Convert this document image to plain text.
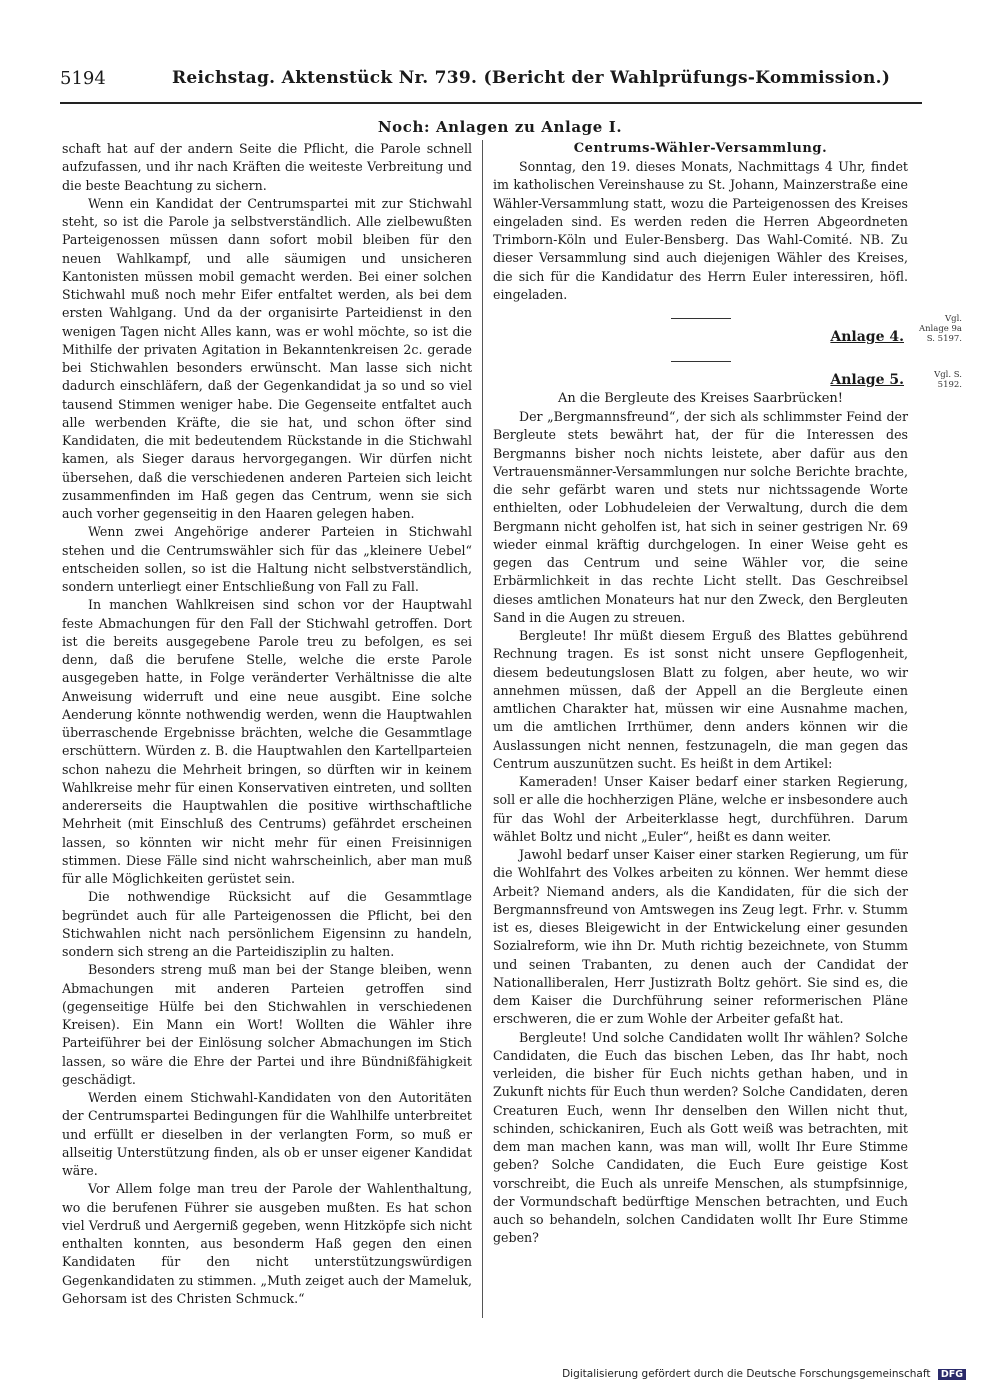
5194	Reichstag. Aktenstück Nr. 739. (Bericht der Wahlprüfungs-Kommission.)
Noch: Anlagen zu Anlage I.

schaft hat auf der andern Seite die Pflicht, die Parole schnell aufzufassen, und ihr nach Kräften die weiteste Verbreitung und die beste Beachtung zu sichern.

Wenn ein Kandidat der Centrumspartei mit zur Stichwahl steht, so ist die Parole ja selbstverständlich. Alle zielbewußten Parteigenossen müssen dann sofort mobil bleiben für den neuen Wahlkampf, und alle säumigen und unsicheren Kantonisten müssen mobil gemacht werden. Bei einer solchen Stichwahl muß noch mehr Eifer entfaltet werden, als bei dem ersten Wahlgang. Und da der organisirte Parteidienst in den wenigen Tagen nicht Alles kann, was er wohl möchte, so ist die Mithilfe der privaten Agitation in Bekanntenkreisen 2c. gerade bei Stichwahlen besonders erwünscht. Man lasse sich nicht dadurch einschläfern, daß der Gegenkandidat ja so und so viel tausend Stimmen weniger habe. Die Gegenseite entfaltet auch alle werbenden Kräfte, die sie hat, und schon öfter sind Kandidaten, die mit bedeutendem Rückstande in die Stichwahl kamen, als Sieger daraus hervorgegangen. Wir dürfen nicht übersehen, daß die verschiedenen anderen Parteien sich leicht zusammenfinden im Haß gegen das Centrum, wenn sie sich auch vorher gegenseitig in den Haaren gelegen haben.

Wenn zwei Angehörige anderer Parteien in Stichwahl stehen und die Centrumswähler sich für das „kleinere Uebel“ entscheiden sollen, so ist die Haltung nicht selbstverständlich, sondern unterliegt einer Entschließung von Fall zu Fall.

In manchen Wahlkreisen sind schon vor der Hauptwahl feste Abmachungen für den Fall der Stichwahl getroffen. Dort ist die bereits ausgegebene Parole treu zu befolgen, es sei denn, daß die berufene Stelle, welche die erste Parole ausgegeben hatte, in Folge veränderter Verhältnisse die alte Anweisung widerruft und eine neue ausgibt. Eine solche Aenderung könnte nothwendig werden, wenn die Hauptwahlen überraschende Ergebnisse brächten, welche die Gesammtlage erschüttern. Würden z. B. die Hauptwahlen den Kartellparteien schon nahezu die Mehrheit bringen, so dürften wir in keinem Wahlkreise mehr für einen Konservativen eintreten, und sollten andererseits die Hauptwahlen die positive wirthschaftliche Mehrheit (mit Einschluß des Centrums) gefährdet erscheinen lassen, so könnten wir nicht mehr für einen Freisinnigen stimmen. Diese Fälle sind nicht wahrscheinlich, aber man muß für alle Möglichkeiten gerüstet sein.

Die nothwendige Rücksicht auf die Gesammtlage begründet auch für alle Parteigenossen die Pflicht, bei den Stichwahlen nicht nach persönlichem Eigensinn zu handeln, sondern sich streng an die Parteidisziplin zu halten.

Besonders streng muß man bei der Stange bleiben, wenn Abmachungen mit anderen Parteien getroffen sind (gegenseitige Hülfe bei den Stichwahlen in verschiedenen Kreisen). Ein Mann ein Wort! Wollten die Wähler ihre Parteiführer bei der Einlösung solcher Abmachungen im Stich lassen, so wäre die Ehre der Partei und ihre Bündnißfähigkeit geschädigt.

Werden einem Stichwahl-Kandidaten von den Autoritäten der Centrumspartei Bedingungen für die Wahlhilfe unterbreitet und erfüllt er dieselben in der verlangten Form, so muß er allseitig Unterstützung finden, als ob er unser eigener Kandidat wäre.

Vor Allem folge man treu der Parole der Wahlenthaltung, wo die berufenen Führer sie ausgeben mußten. Es hat schon viel Verdruß und Aergerniß gegeben, wenn Hitzköpfe sich nicht enthalten konnten, aus besonderm Haß gegen den einen Kandidaten für den nicht unterstützungswürdigen Gegenkandidaten zu stimmen. „Muth zeiget auch der Mameluk, Gehorsam ist des Christen Schmuck.“

Centrums-Wähler-Versammlung.

Sonntag, den 19. dieses Monats, Nachmittags 4 Uhr, findet im katholischen Vereinshause zu St. Johann, Mainzerstraße eine Wähler-Versammlung statt, wozu die Parteigenossen des Kreises eingeladen sind. Es werden reden die Herren Abgeordneten Trimborn-Köln und Euler-Bensberg. Das Wahl-Comité. NB. Zu dieser Versammlung sind auch diejenigen Wähler des Kreises, die sich für die Kandidatur des Herrn Euler interessiren, höfl. eingeladen.

Anlage 4.

Anlage 5.

An die Bergleute des Kreises Saarbrücken!

Der „Bergmannsfreund“, der sich als schlimmster Feind der Bergleute stets bewährt hat, der für die Interessen des Bergmanns bisher noch nichts leistete, aber dafür aus den Vertrauensmänner-Versammlungen nur solche Berichte brachte, die sehr gefärbt waren und stets nur nichtssagende Worte enthielten, oder Lobhudeleien der Verwaltung, durch die dem Bergmann nicht geholfen ist, hat sich in seiner gestrigen Nr. 69 wieder einmal kräftig durchgelogen. In einer Weise geht es gegen das Centrum und seine Wähler vor, die seine Erbärmlichkeit in das rechte Licht stellt. Das Geschreibsel dieses amtlichen Monateurs hat nur den Zweck, den Bergleuten Sand in die Augen zu streuen.

Bergleute! Ihr müßt diesem Erguß des Blattes gebührend Rechnung tragen. Es ist sonst nicht unsere Gepflogenheit, diesem bedeutungslosen Blatt zu folgen, aber heute, wo wir annehmen müssen, daß der Appell an die Bergleute einen amtlichen Charakter hat, müssen wir eine Ausnahme machen, um die amtlichen Irrthümer, denn anders können wir die Auslassungen nicht nennen, festzunageln, die man gegen das Centrum auszunützen sucht. Es heißt in dem Artikel:

Kameraden! Unser Kaiser bedarf einer starken Regierung, soll er alle die hochherzigen Pläne, welche er insbesondere auch für das Wohl der Arbeiterklasse hegt, durchführen. Darum wählet Boltz und nicht „Euler“, heißt es dann weiter.

Jawohl bedarf unser Kaiser einer starken Regierung, um für die Wohlfahrt des Volkes arbeiten zu können. Wer hemmt diese Arbeit? Niemand anders, als die Kandidaten, für die sich der Bergmannsfreund von Amtswegen ins Zeug legt. Frhr. v. Stumm ist es, dieses Bleigewicht in der Entwickelung einer gesunden Sozialreform, wie ihn Dr. Muth richtig bezeichnete, von Stumm und seinen Trabanten, zu denen auch der Candidat der Nationalliberalen, Herr Justizrath Boltz gehört. Sie sind es, die dem Kaiser die Durchführung seiner reformerischen Pläne erschweren, die er zum Wohle der Arbeiter gefaßt hat.

Bergleute! Und solche Candidaten wollt Ihr wählen? Solche Candidaten, die Euch das bischen Leben, das Ihr habt, noch verleiden, die bisher für Euch nichts gethan haben, und in Zukunft nichts für Euch thun werden? Solche Candidaten, deren Creaturen Euch, wenn Ihr denselben den Willen nicht thut, schinden, schickaniren, Euch als Gott weiß was betrachten, mit dem man machen kann, was man will, wollt Ihr Eure Stimme geben? Solche Candidaten, die Euch Eure geistige Kost vorschreibt, die Euch als unreife Menschen, als stumpfsinnige, der Vormundschaft bedürftige Menschen betrachten, und Euch auch so behandeln, solchen Candidaten wollt Ihr Eure Stimme geben?

Vgl. Anlage 9a S. 5197.
Vgl. S. 5192.
Digitalisierung gefördert durch die Deutsche Forschungsgemeinschaft DFG
